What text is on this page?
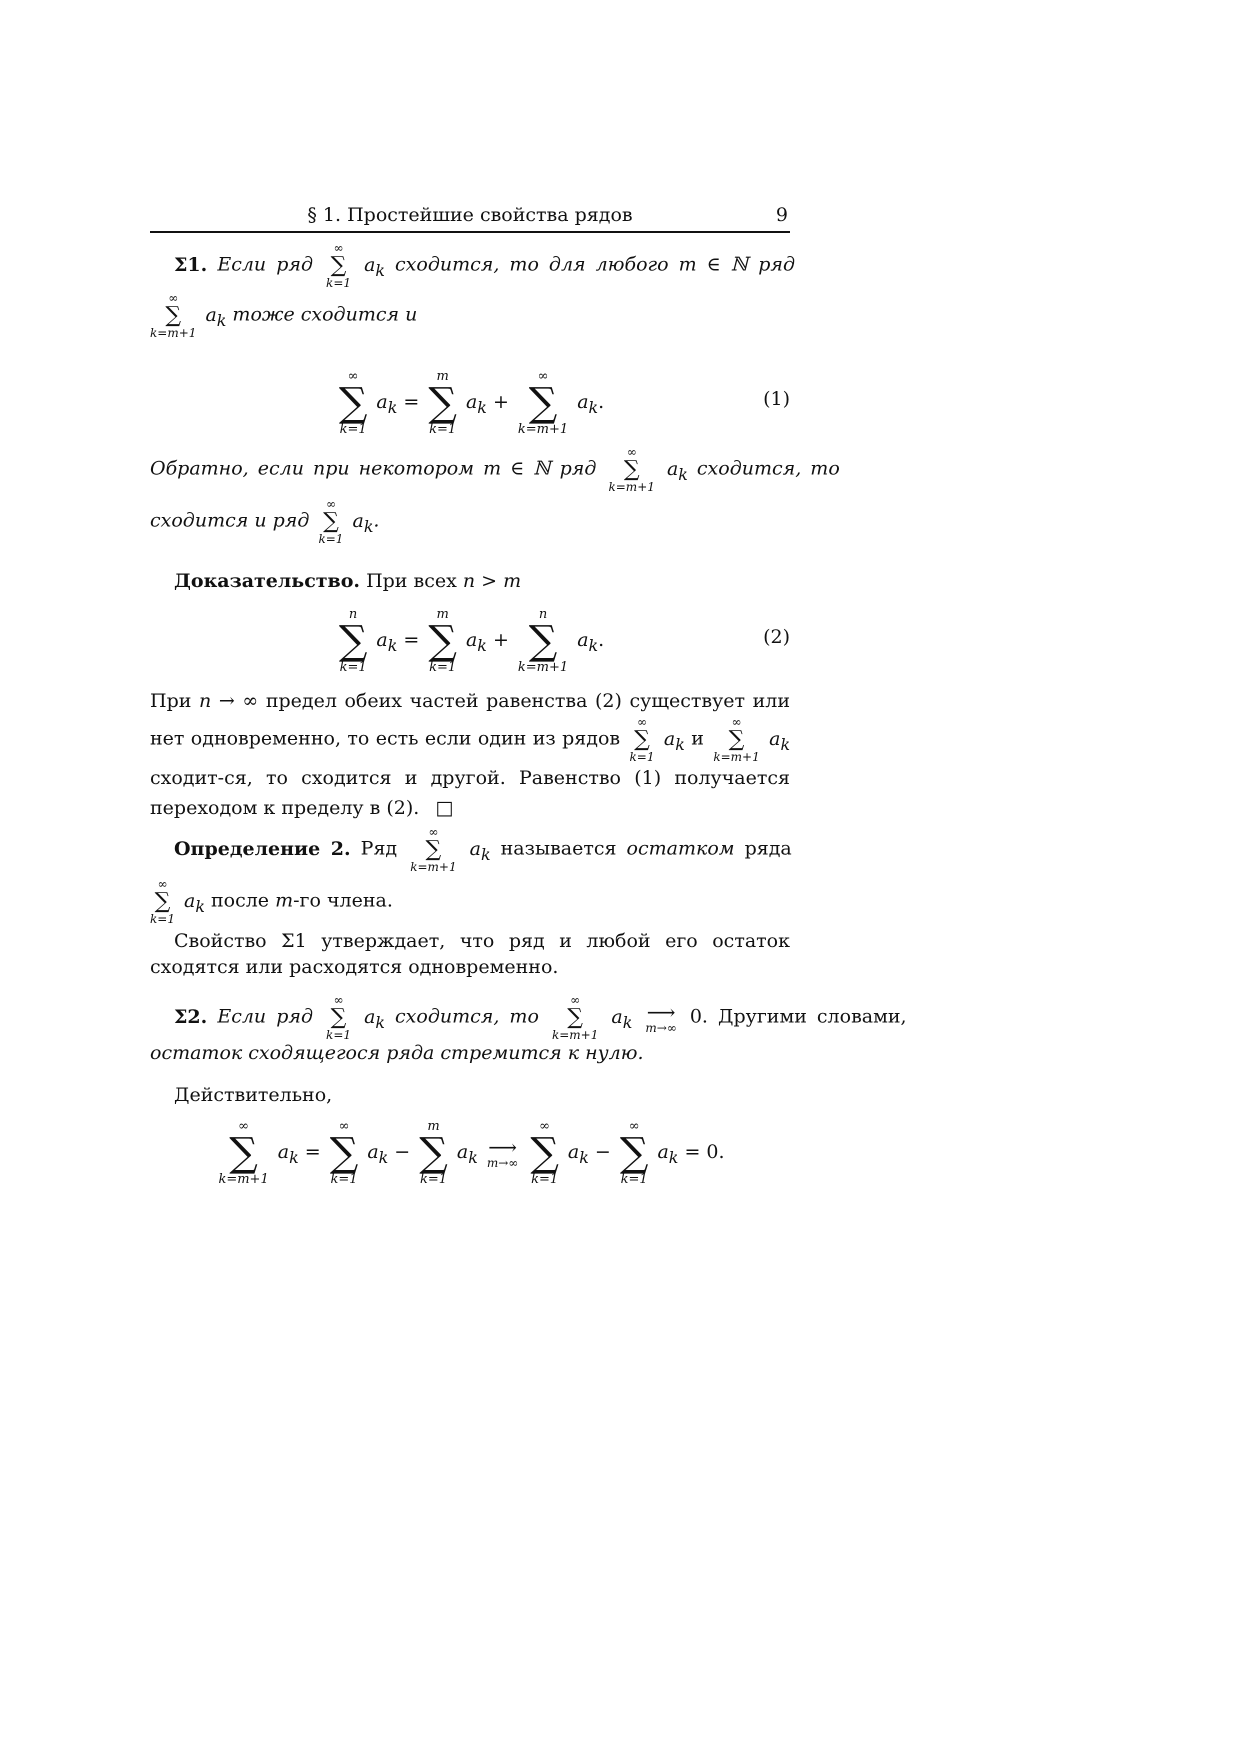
§ 1. Простейшие свойства рядов	9
Σ1. Если ряд
∞
∑
k=1
$a_k$ сходится, то для любого m ∈ ℕ ряд
∞
∑
k=m+1
$a_k$ тоже сходится и
∞
∑
k=1
$a_k$ =
m
∑
k=1
$a_k$ +
∞
∑
k=m+1
$a_k$.	(1)
Обратно, если при некотором m ∈ ℕ ряд
∞
∑
k=m+1
$a_k$ сходится, то
сходится и ряд
∞
∑
k=1
$a_k$.
Доказательство. При всех n > m
n
∑
k=1
$a_k$ =
m
∑
k=1
$a_k$ +
n
∑
k=m+1
$a_k$.	(2)
При n → ∞ предел обеих частей равенства (2) существует или нет одновременно, то есть если один из рядов
∞
∑
k=1
$a_k$ и
∞
∑
k=m+1
$a_k$ сходит-ся, то сходится и другой. Равенство (1) получается переходом к пределу в (2). □
Определение 2. Ряд
∞
∑
k=m+1
$a_k$ называется остатком ряда
∞
∑
k=1
$a_k$ после m-го члена.
Свойство Σ1 утверждает, что ряд и любой его остаток сходятся или расходятся одновременно.
Σ2. Если ряд
∞
∑
k=1
$a_k$ сходится, то
∞
∑
k=m+1
$a_k$ ⟶
m→∞ 0. Другими словами,
остаток сходящегося ряда стремится к нулю.
Действительно,
∞
∑
k=m+1
$a_k$ =
∞
∑
k=1
$a_k$ −
m
∑
k=1
$a_k$ ⟶
m→∞

∞
∑
k=1
$a_k$ −
∞
∑
k=1
$a_k = 0$.
